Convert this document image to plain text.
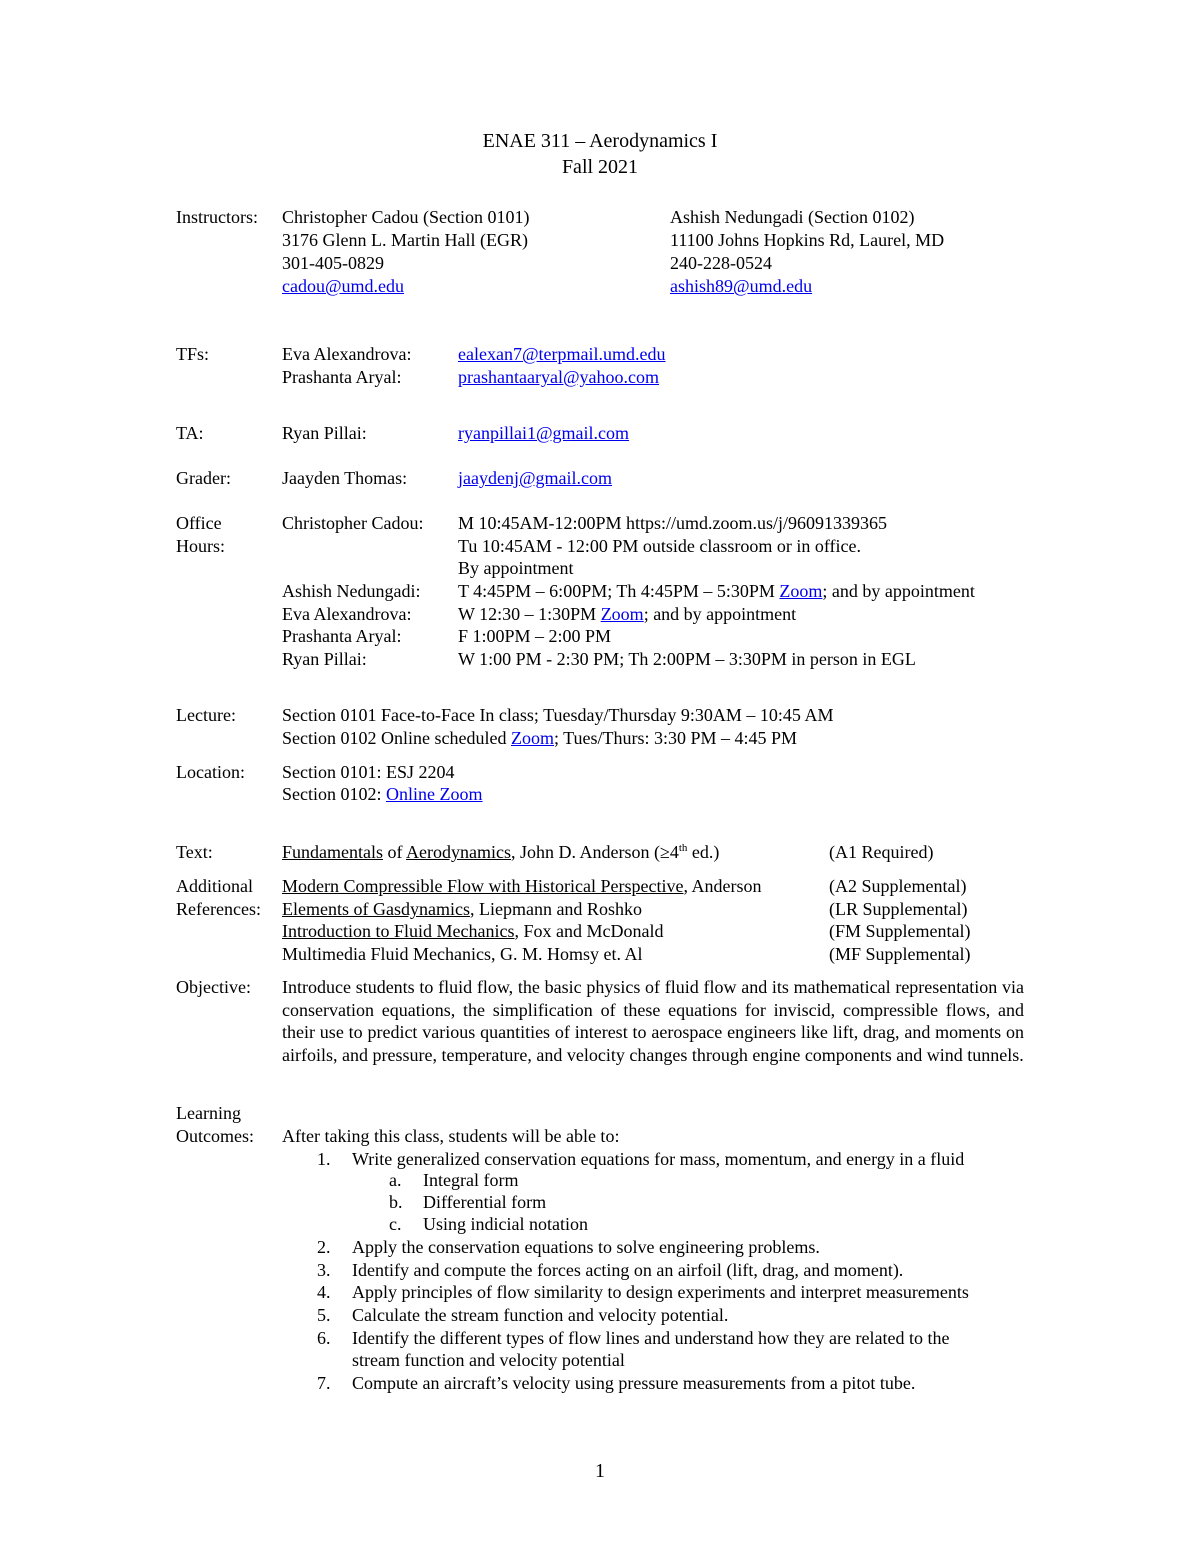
ENAE 311 – Aerodynamics I
Fall 2021
Instructors: Christopher Cadou (Section 0101)
3176 Glenn L. Martin Hall (EGR)
301-405-0829
cadou@umd.edu
Ashish Nedungadi (Section 0102)
11100 Johns Hopkins Rd, Laurel, MD
240-228-0524
ashish89@umd.edu
TFs:	Eva Alexandrova:	ealexan7@terpmail.umd.edu
Prashanta Aryal:	prashantaaryal@yahoo.com
TA:	Ryan Pillai:	ryanpillai1@gmail.com
Grader:	Jaayden Thomas:	jaaydenj@gmail.com
Office
Hours:
Christopher Cadou: M 10:45AM-12:00PM https://umd.zoom.us/j/96091339365
Tu 10:45AM - 12:00 PM outside classroom or in office.
By appointment
Ashish Nedungadi: T 4:45PM – 6:00PM; Th 4:45PM – 5:30PM Zoom; and by appointment
Eva Alexandrova:	W 12:30 – 1:30PM Zoom; and by appointment
Prashanta Aryal:	F 1:00PM – 2:00 PM
Ryan Pillai:	W 1:00 PM - 2:30 PM; Th 2:00PM – 3:30PM in person in EGL
Lecture:	Section 0101 Face-to-Face In class; Tuesday/Thursday 9:30AM – 10:45 AM
Section 0102 Online scheduled Zoom; Tues/Thurs: 3:30 PM – 4:45 PM
Location: Section 0101: ESJ 2204
Section 0102: Online Zoom
Text:	Fundamentals of Aerodynamics, John D. Anderson (≥4th ed.)	(A1 Required)
Additional
References:
Modern Compressible Flow with Historical Perspective, Anderson	(A2 Supplemental)
Elements of Gasdynamics, Liepmann and Roshko	(LR Supplemental)
Introduction to Fluid Mechanics, Fox and McDonald	(FM Supplemental)
Multimedia Fluid Mechanics, G. M. Homsy et. Al	(MF Supplemental)
Objective: Introduce students to fluid flow, the basic physics of fluid flow and its mathematical representation via conservation equations, the simplification of these equations for inviscid, compressible flows, and their use to predict various quantities of interest to aerospace engineers like lift, drag, and moments on airfoils, and pressure, temperature, and velocity changes through engine components and wind tunnels.
Learning
Outcomes: After taking this class, students will be able to:
1. Write generalized conservation equations for mass, momentum, and energy in a fluid
a. Integral form
b. Differential form
c. Using indicial notation
2. Apply the conservation equations to solve engineering problems.
3. Identify and compute the forces acting on an airfoil (lift, drag, and moment).
4. Apply principles of flow similarity to design experiments and interpret measurements
5. Calculate the stream function and velocity potential.
6. Identify the different types of flow lines and understand how they are related to the
stream function and velocity potential
7. Compute an aircraft’s velocity using pressure measurements from a pitot tube.
1
